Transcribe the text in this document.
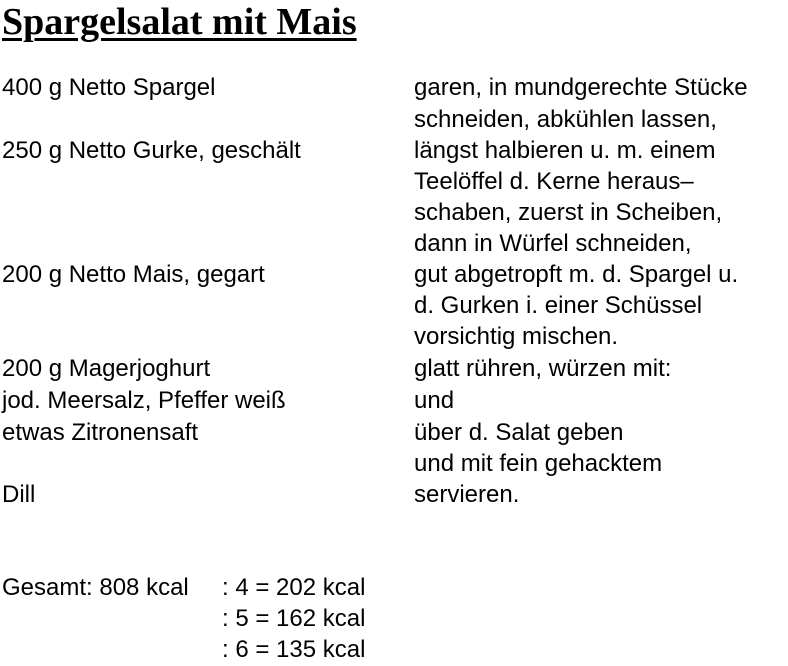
Spargelsalat mit Mais
400 g Netto Spargel
250 g Netto Gurke, geschält
200 g Netto Mais, gegart
200 g Magerjoghurt
jod. Meersalz, Pfeffer weiß
etwas Zitronensaft
Dill
garen, in mundgerechte Stücke
schneiden, abkühlen lassen,
längst halbieren u. m. einem
Teelöffel d. Kerne heraus–
schaben, zuerst in Scheiben,
dann in Würfel schneiden,
gut abgetropft m. d. Spargel u.
d. Gurken i. einer Schüssel
vorsichtig mischen.
glatt rühren, würzen mit:
und
über d. Salat geben
und mit fein gehacktem
servieren.
Gesamt: 808 kcal : 4 = 202 kcal
: 5 = 162 kcal
: 6 = 135 kcal
